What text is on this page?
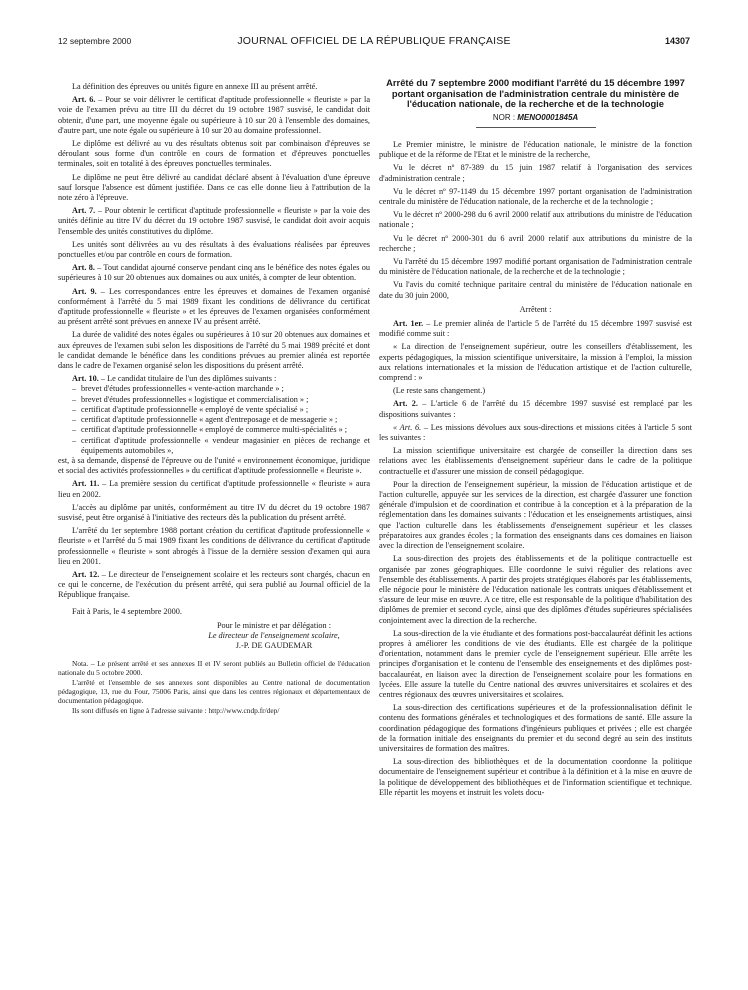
12 septembre 2000	JOURNAL OFFICIEL DE LA RÉPUBLIQUE FRANÇAISE	14307

La définition des épreuves ou unités figure en annexe III au présent arrêté.

Art. 6. – Pour se voir délivrer le certificat d'aptitude professionnelle « fleuriste » par la voie de l'examen prévu au titre III du décret du 19 octobre 1987 susvisé, le candidat doit obtenir, d'une part, une moyenne égale ou supérieure à 10 sur 20 à l'ensemble des domaines, d'autre part, une note égale ou supérieure à 10 sur 20 au domaine professionnel.

Le diplôme est délivré au vu des résultats obtenus soit par combinaison d'épreuves se déroulant sous forme d'un contrôle en cours de formation et d'épreuves ponctuelles terminales, soit en totalité à des épreuves ponctuelles terminales.

Le diplôme ne peut être délivré au candidat déclaré absent à l'évaluation d'une épreuve sauf lorsque l'absence est dûment justifiée. Dans ce cas elle donne lieu à l'attribution de la note zéro à l'épreuve.

Art. 7. – Pour obtenir le certificat d'aptitude professionnelle « fleuriste » par la voie des unités définie au titre IV du décret du 19 octobre 1987 susvisé, le candidat doit avoir acquis l'ensemble des unités constitutives du diplôme.

Les unités sont délivrées au vu des résultats à des évaluations réalisées par épreuves ponctuelles et/ou par contrôle en cours de formation.

Art. 8. – Tout candidat ajourné conserve pendant cinq ans le bénéfice des notes égales ou supérieures à 10 sur 20 obtenues aux domaines ou aux unités, à compter de leur obtention.

Art. 9. – Les correspondances entre les épreuves et domaines de l'examen organisé conformément à l'arrêté du 5 mai 1989 fixant les conditions de délivrance du certificat d'aptitude professionnelle « fleuriste » et les épreuves de l'examen organisées conformément au présent arrêté sont prévues en annexe IV au présent arrêté.

La durée de validité des notes égales ou supérieures à 10 sur 20 obtenues aux domaines et aux épreuves de l'examen subi selon les dispositions de l'arrêté du 5 mai 1989 précité et dont le candidat demande le bénéfice dans les conditions prévues au premier alinéa est reportée dans le cadre de l'examen organisé selon les dispositions du présent arrêté.

Art. 10. – Le candidat titulaire de l'un des diplômes suivants :

– brevet d'études professionnelles « vente-action marchande » ;
– brevet d'études professionnelles « logistique et commercialisation » ;
– certificat d'aptitude professionnelle « employé de vente spécialisé » ;
– certificat d'aptitude professionnelle « agent d'entreposage et de messagerie » ;
– certificat d'aptitude professionnelle « employé de commerce multi-spécialités » ;
– certificat d'aptitude professionnelle « vendeur magasinier en pièces de rechange et équipements automobiles »,

est, à sa demande, dispensé de l'épreuve ou de l'unité « environnement économique, juridique et social des activités professionnelles » du certificat d'aptitude professionnelle « fleuriste ».

Art. 11. – La première session du certificat d'aptitude professionnelle « fleuriste » aura lieu en 2002.

L'accès au diplôme par unités, conformément au titre IV du décret du 19 octobre 1987 susvisé, peut être organisé à l'initiative des recteurs dès la publication du présent arrêté.

L'arrêté du 1er septembre 1988 portant création du certificat d'aptitude professionnelle « fleuriste » et l'arrêté du 5 mai 1989 fixant les conditions de délivrance du certificat d'aptitude professionnelle « fleuriste » sont abrogés à l'issue de la dernière session d'examen qui aura lieu en 2001.

Art. 12. – Le directeur de l'enseignement scolaire et les recteurs sont chargés, chacun en ce qui le concerne, de l'exécution du présent arrêté, qui sera publié au Journal officiel de la République française.

Fait à Paris, le 4 septembre 2000.

Pour le ministre et par délégation :
Le directeur de l'enseignement scolaire,
J.-P. DE GAUDEMAR

Nota. – Le présent arrêté et ses annexes II et IV seront publiés au Bulletin officiel de l'éducation nationale du 5 octobre 2000.

L'arrêté et l'ensemble de ses annexes sont disponibles au Centre national de documentation pédagogique, 13, rue du Four, 75006 Paris, ainsi que dans les centres régionaux et départementaux de documentation pédagogique.

Ils sont diffusés en ligne à l'adresse suivante : http://www.cndp.fr/dep/

Arrêté du 7 septembre 2000 modifiant l'arrêté du 15 décembre 1997 portant organisation de l'administration centrale du ministère de l'éducation nationale, de la recherche et de la technologie
NOR : MENO0001845A

Le Premier ministre, le ministre de l'éducation nationale, le ministre de la fonction publique et de la réforme de l'Etat et le ministre de la recherche,

Vu le décret nº 87-389 du 15 juin 1987 relatif à l'organisation des services d'administration centrale ;

Vu le décret nº 97-1149 du 15 décembre 1997 portant organisation de l'administration centrale du ministère de l'éducation nationale, de la recherche et de la technologie ;

Vu le décret nº 2000-298 du 6 avril 2000 relatif aux attributions du ministre de l'éducation nationale ;

Vu le décret nº 2000-301 du 6 avril 2000 relatif aux attributions du ministre de la recherche ;

Vu l'arrêté du 15 décembre 1997 modifié portant organisation de l'administration centrale du ministère de l'éducation nationale, de la recherche et de la technologie ;

Vu l'avis du comité technique paritaire central du ministère de l'éducation nationale en date du 30 juin 2000,

Arrêtent :

Art. 1er. – Le premier alinéa de l'article 5 de l'arrêté du 15 décembre 1997 susvisé est modifié comme suit :

« La direction de l'enseignement supérieur, outre les conseillers d'établissement, les experts pédagogiques, la mission scientifique universitaire, la mission à l'emploi, la mission aux relations internationales et la mission de l'éducation artistique et de l'action culturelle, comprend : »

(Le reste sans changement.)

Art. 2. – L'article 6 de l'arrêté du 15 décembre 1997 susvisé est remplacé par les dispositions suivantes :

« Art. 6. – Les missions dévolues aux sous-directions et missions citées à l'article 5 sont les suivantes :

La mission scientifique universitaire est chargée de conseiller la direction dans ses relations avec les établissements d'enseignement supérieur dans le cadre de la politique contractuelle et d'assurer une mission de conseil pédagogique.

Pour la direction de l'enseignement supérieur, la mission de l'éducation artistique et de l'action culturelle, appuyée sur les services de la direction, est chargée d'assurer une fonction générale d'impulsion et de coordination et contribue à la conception et à la préparation de la réglementation dans les domaines suivants : l'éducation et les enseignements artistiques, ainsi que l'action culturelle dans les établissements d'enseignement supérieur et les classes préparatoires aux grandes écoles ; la formation des enseignants dans ces domaines en liaison avec la direction de l'enseignement scolaire.

La sous-direction des projets des établissements et de la politique contractuelle est organisée par zones géographiques. Elle coordonne le suivi régulier des relations avec l'ensemble des établissements. A partir des projets stratégiques élaborés par les établissements, elle négocie pour le ministère de l'éducation nationale les contrats uniques d'établissement et s'assure de leur mise en œuvre. A ce titre, elle est responsable de la politique d'habilitation des diplômes de premier et second cycle, ainsi que des diplômes d'études supérieures spécialisées conjointement avec la direction de la recherche.

La sous-direction de la vie étudiante et des formations post-baccalauréat définit les actions propres à améliorer les conditions de vie des étudiants. Elle est chargée de la politique d'orientation, notamment dans le premier cycle de l'enseignement supérieur. Elle arrête les principes d'organisation et le contenu de l'ensemble des enseignements et des diplômes post-baccalauréat, en liaison avec la direction de l'enseignement scolaire pour les formations en lycées. Elle assure la tutelle du Centre national des œuvres universitaires et scolaires et des centres régionaux des œuvres universitaires et scolaires.

La sous-direction des certifications supérieures et de la professionnalisation définit le contenu des formations générales et technologiques et des formations de santé. Elle assure la coordination pédagogique des formations d'ingénieurs publiques et privées ; elle est chargée de la formation initiale des enseignants du premier et du second degré au sein des instituts universitaires de formation des maîtres.

La sous-direction des bibliothèques et de la documentation coordonne la politique documentaire de l'enseignement supérieur et contribue à la définition et à la mise en œuvre de la politique de développement des bibliothèques et de l'information scientifique et technique. Elle répartit les moyens et instruit les volets docu-
